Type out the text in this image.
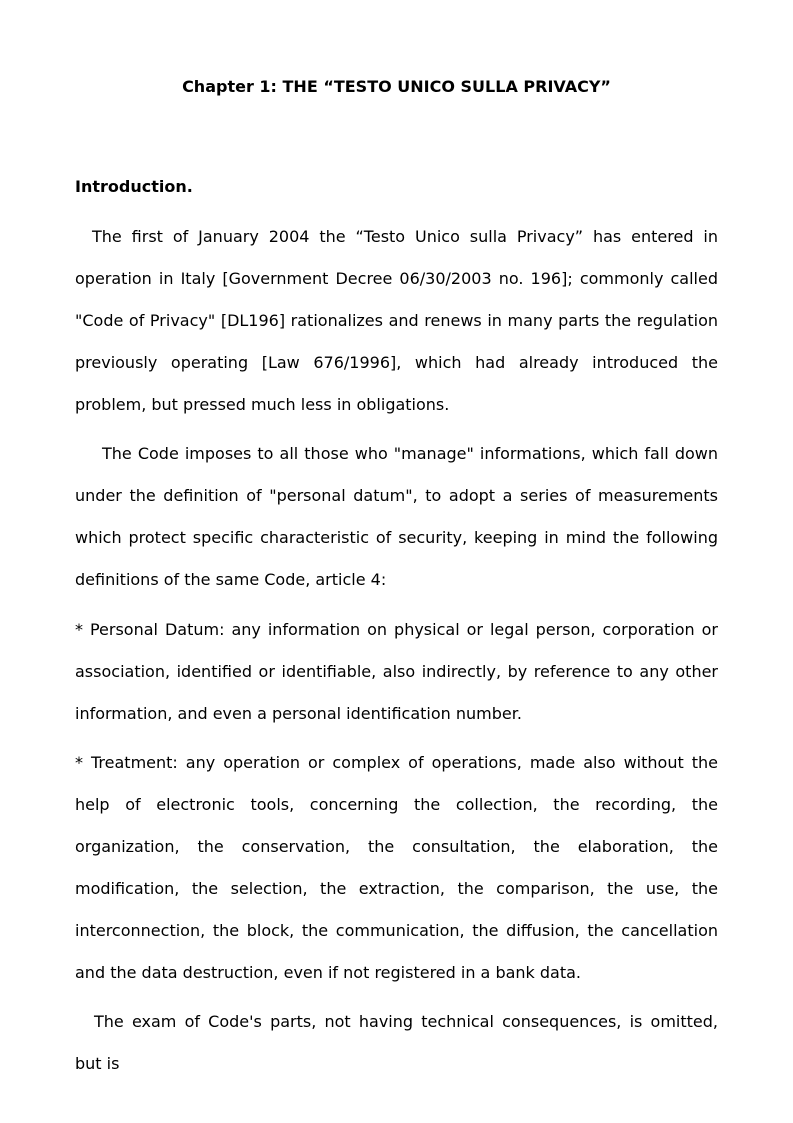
Chapter 1: THE “TESTO UNICO SULLA PRIVACY”
Introduction.

The first of January 2004 the “Testo Unico sulla Privacy” has entered in operation in Italy [Government Decree 06/30/2003 no. 196]; commonly called "Code of Privacy" [DL196] rationalizes and renews in many parts the regulation previously operating [Law 676/1996], which had already introduced the problem, but pressed much less in obligations.

The Code imposes to all those who "manage" informations, which fall down under the definition of "personal datum", to adopt a series of measurements which protect specific characteristic of security, keeping in mind the following definitions of the same Code, article 4:

* Personal Datum: any information on physical or legal person, corporation or association, identified or identifiable, also indirectly, by reference to any other information, and even a personal identification number.

* Treatment: any operation or complex of operations, made also without the help of electronic tools, concerning the collection, the recording, the organization, the conservation, the consultation, the elaboration, the modification, the selection, the extraction, the comparison, the use, the interconnection, the block, the communication, the diffusion, the cancellation and the data destruction, even if not registered in a bank data.

The exam of Code's parts, not having technical consequences, is omitted, but is
